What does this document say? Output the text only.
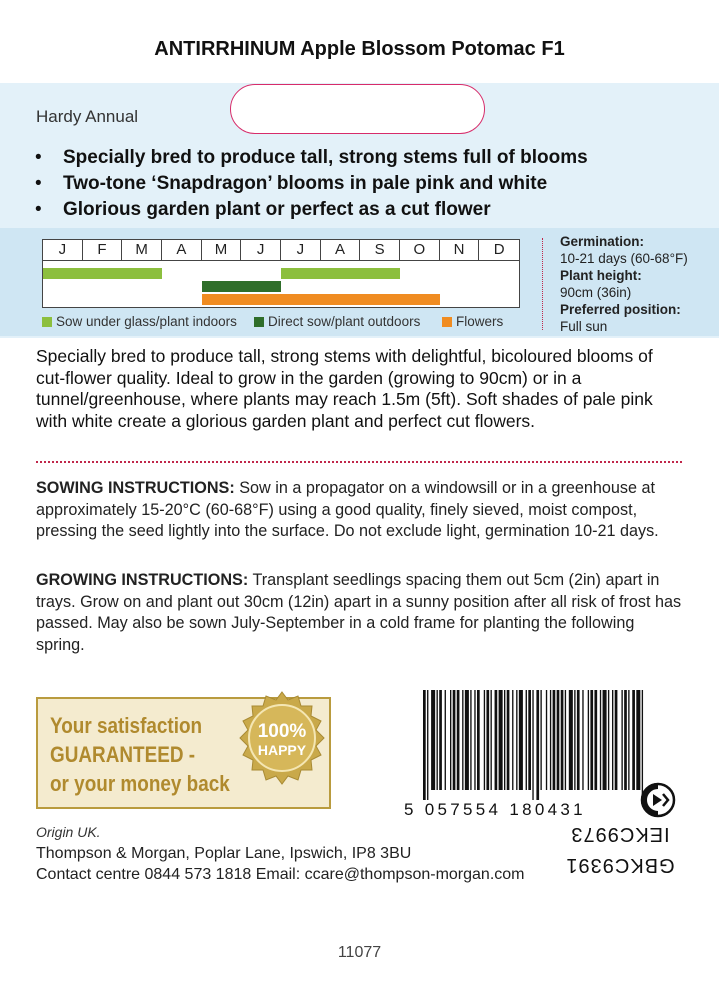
ANTIRRHINUM Apple Blossom Potomac F1
Hardy Annual
• Specially bred to produce tall, strong stems full of blooms
• Two-tone ‘Snapdragon’ blooms in pale pink and white
• Glorious garden plant or perfect as a cut flower
J	F	M	A	M	J	J	A	S	O	N	D
Sow under glass/plant indoors	Direct sow/plant outdoors	Flowers
Germination:
10-21 days (60-68°F)
Plant height:
90cm (36in)
Preferred position:
Full sun
Specially bred to produce tall, strong stems with delightful, bicoloured blooms of cut-flower quality. Ideal to grow in the garden (growing to 90cm) or in a tunnel/greenhouse, where plants may reach 1.5m (5ft). Soft shades of pale pink with white create a glorious garden plant and perfect cut flowers.
SOWING INSTRUCTIONS: Sow in a propagator on a windowsill or in a greenhouse at approximately 15-20°C (60-68°F) using a good quality, finely sieved, moist compost, pressing the seed lightly into the surface. Do not exclude light, germination 10-21 days.
GROWING INSTRUCTIONS: Transplant seedlings spacing them out 5cm (2in) apart in trays. Grow on and plant out 30cm (12in) apart in a sunny position after all risk of frost has passed. May also be sown July-September in a cold frame for planting the following spring.
Your satisfaction
GUARANTEED -
or your money back
100%
HAPPY
5 057554 180431
IEKC9973
GBKC9391
Origin UK.
Thompson & Morgan, Poplar Lane, Ipswich, IP8 3BU
Contact centre 0844 573 1818 Email: ccare@thompson-morgan.com
11077
